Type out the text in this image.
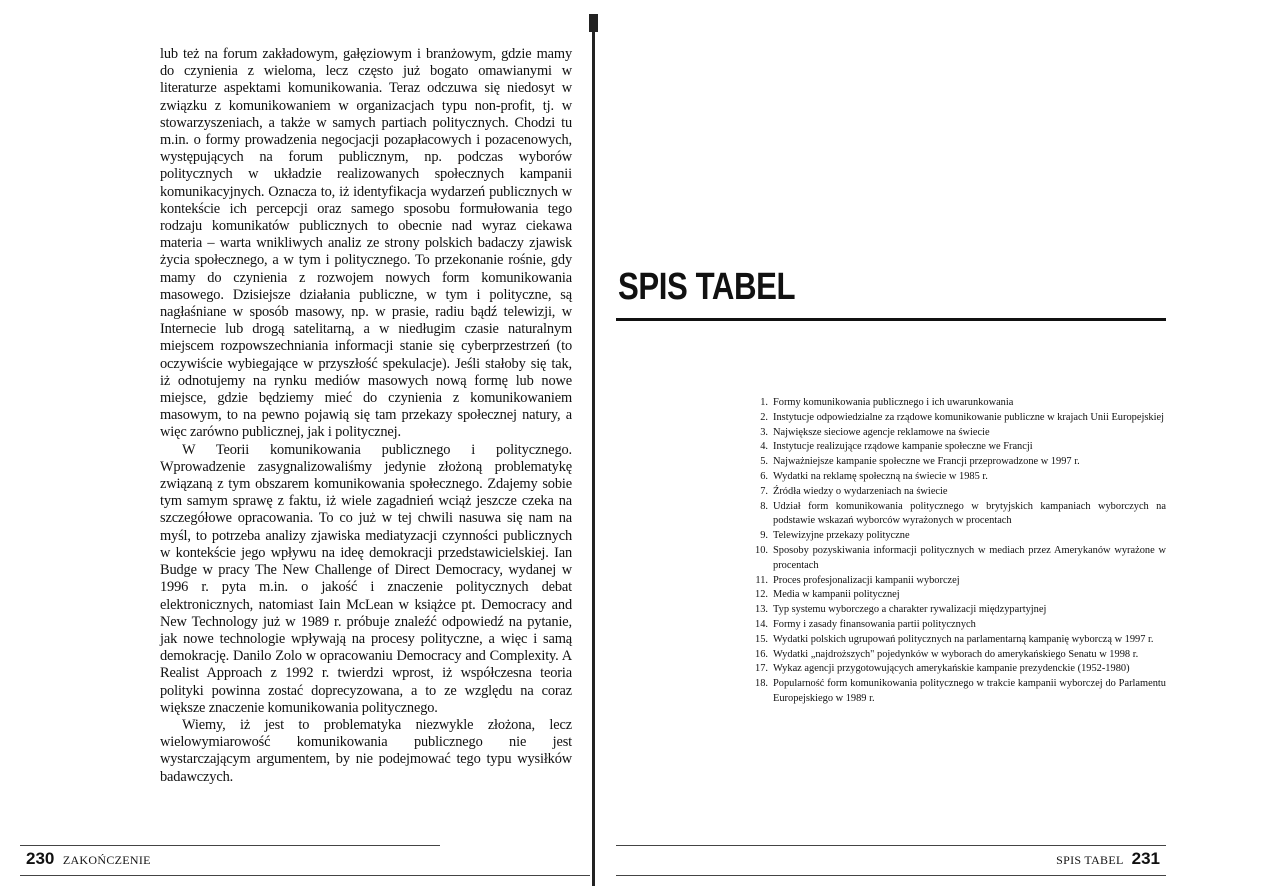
lub też na forum zakładowym, gałęziowym i branżowym, gdzie mamy do czynienia z wieloma, lecz często już bogato omawianymi w literaturze aspektami komunikowania. Teraz odczuwa się niedosyt w związku z komunikowaniem w organizacjach typu non-profit, tj. w stowarzyszeniach, a także w samych partiach politycznych. Chodzi tu m.in. o formy prowadzenia negocjacji pozapłacowych i pozacenowych, występujących na forum publicznym, np. podczas wyborów politycznych w układzie realizowanych społecznych kampanii komunikacyjnych. Oznacza to, iż identyfikacja wydarzeń publicznych w kontekście ich percepcji oraz samego sposobu formułowania tego rodzaju komunikatów publicznych to obecnie nad wyraz ciekawa materia – warta wnikliwych analiz ze strony polskich badaczy zjawisk życia społecznego, a w tym i politycznego. To przekonanie rośnie, gdy mamy do czynienia z rozwojem nowych form komunikowania masowego. Dzisiejsze działania publiczne, w tym i polityczne, są nagłaśniane w sposób masowy, np. w prasie, radiu bądź telewizji, w Internecie lub drogą satelitarną, a w niedługim czasie naturalnym miejscem rozpowszechniania informacji stanie się cyberprzestrzeń (to oczywiście wybiegające w przyszłość spekulacje). Jeśli stałoby się tak, iż odnotujemy na rynku mediów masowych nową formę lub nowe miejsce, gdzie będziemy mieć do czynienia z komunikowaniem masowym, to na pewno pojawią się tam przekazy społecznej natury, a więc zarówno publicznej, jak i politycznej.

W Teorii komunikowania publicznego i politycznego. Wprowadzenie zasygnalizowaliśmy jedynie złożoną problematykę związaną z tym obszarem komunikowania społecznego. Zdajemy sobie tym samym sprawę z faktu, iż wiele zagadnień wciąż jeszcze czeka na szczegółowe opracowania. To co już w tej chwili nasuwa się nam na myśl, to potrzeba analizy zjawiska mediatyzacji czynności publicznych w kontekście jego wpływu na ideę demokracji przedstawicielskiej. Ian Budge w pracy The New Challenge of Direct Democracy, wydanej w 1996 r. pyta m.in. o jakość i znaczenie politycznych debat elektronicznych, natomiast Iain McLean w książce pt. Democracy and New Technology już w 1989 r. próbuje znaleźć odpowiedź na pytanie, jak nowe technologie wpływają na procesy polityczne, a więc i samą demokrację. Danilo Zolo w opracowaniu Democracy and Complexity. A Realist Approach z 1992 r. twierdzi wprost, iż współczesna teoria polityki powinna zostać doprecyzowana, a to ze względu na coraz większe znaczenie komunikowania politycznego.

Wiemy, iż jest to problematyka niezwykle złożona, lecz wielowymiarowość komunikowania publicznego nie jest wystarczającym argumentem, by nie podejmować tego typu wysiłków badawczych.

230 ZAKOŃCZENIE
SPIS TABEL
1. Formy komunikowania publicznego i ich uwarunkowania
2. Instytucje odpowiedzialne za rządowe komunikowanie publiczne w krajach Unii Europejskiej
3. Największe sieciowe agencje reklamowe na świecie
4. Instytucje realizujące rządowe kampanie społeczne we Francji
5. Najważniejsze kampanie społeczne we Francji przeprowadzone w 1997 r.
6. Wydatki na reklamę społeczną na świecie w 1985 r.
7. Źródła wiedzy o wydarzeniach na świecie
8. Udział form komunikowania politycznego w brytyjskich kampaniach wyborczych na podstawie wskazań wyborców wyrażonych w procentach
9. Telewizyjne przekazy polityczne
10. Sposoby pozyskiwania informacji politycznych w mediach przez Amerykanów wyrażone w procentach
11. Proces profesjonalizacji kampanii wyborczej
12. Media w kampanii politycznej
13. Typ systemu wyborczego a charakter rywalizacji międzypartyjnej
14. Formy i zasady finansowania partii politycznych
15. Wydatki polskich ugrupowań politycznych na parlamentarną kampanię wyborczą w 1997 r.
16. Wydatki „najdroższych" pojedynków w wyborach do amerykańskiego Senatu w 1998 r.
17. Wykaz agencji przygotowujących amerykańskie kampanie prezydenckie (1952-1980)
18. Popularność form komunikowania politycznego w trakcie kampanii wyborczej do Parlamentu Europejskiego w 1989 r.
SPIS TABEL 231
